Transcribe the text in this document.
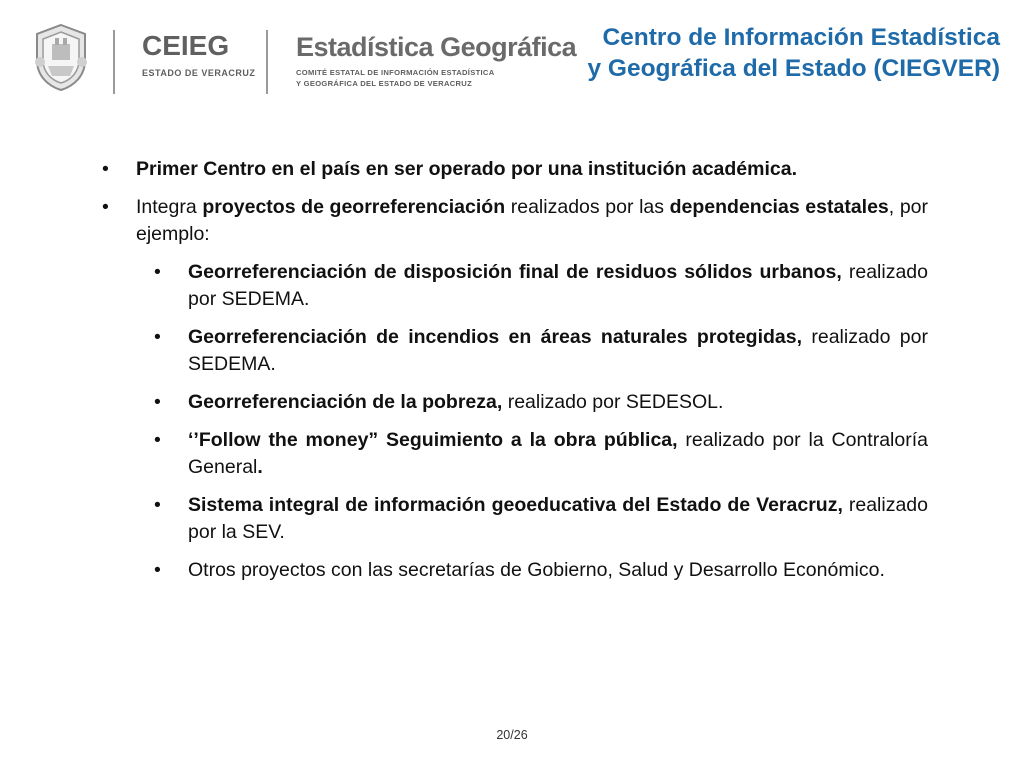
CEIEG
ESTADO DE VERACRUZ
Estadística Geográfica
COMITÉ ESTATAL DE INFORMACIÓN ESTADÍSTICA
Y GEOGRÁFICA DEL ESTADO DE VERACRUZ
Centro de Información Estadística
y Geográfica del Estado (CIEGVER)
•	Primer Centro en el país en ser operado por una institución académica.
•	Integra proyectos de georreferenciación realizados por las dependencias estatales, por ejemplo:
•	Georreferenciación de disposición final de residuos sólidos urbanos, realizado por SEDEMA.
•	Georreferenciación de incendios en áreas naturales protegidas, realizado por SEDEMA.
•	Georreferenciación de la pobreza, realizado por SEDESOL.
•	‘’Follow the money” Seguimiento a la obra pública, realizado por la Contraloría General.
•	Sistema integral de información geoeducativa del Estado de Veracruz, realizado por la SEV.
•	Otros proyectos con las secretarías de Gobierno, Salud y Desarrollo Económico.
20/26
